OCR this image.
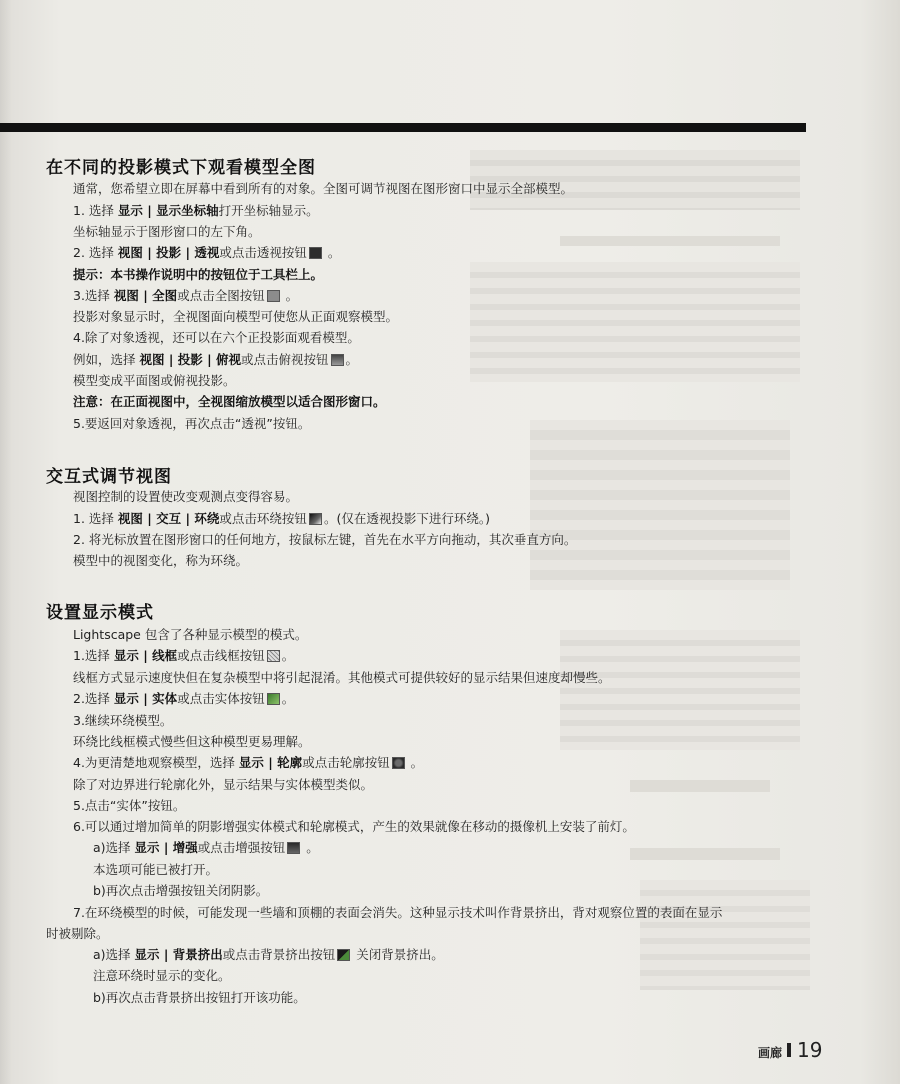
在不同的投影模式下观看模型全图
通常，您希望立即在屏幕中看到所有的对象。全图可调节视图在图形窗口中显示全部模型。
1. 选择 显示 | 显示坐标轴打开坐标轴显示。
坐标轴显示于图形窗口的左下角。
2. 选择 视图 | 投影 | 透视或点击透视按钮 。
提示：本书操作说明中的按钮位于工具栏上。
3.选择 视图 | 全图或点击全图按钮 。
投影对象显示时，全视图面向模型可使您从正面观察模型。
4.除了对象透视，还可以在六个正投影面观看模型。
例如，选择 视图 | 投影 | 俯视或点击俯视按钮 。
模型变成平面图或俯视投影。
注意：在正面视图中，全视图缩放模型以适合图形窗口。
5.要返回对象透视，再次点击“透视”按钮。
交互式调节视图
视图控制的设置使改变观测点变得容易。
1. 选择 视图 | 交互 | 环绕或点击环绕按钮 。(仅在透视投影下进行环绕。)
2. 将光标放置在图形窗口的任何地方，按鼠标左键，首先在水平方向拖动，其次垂直方向。
模型中的视图变化，称为环绕。
设置显示模式
Lightscape 包含了各种显示模型的模式。
1.选择 显示 | 线框或点击线框按钮 。
线框方式显示速度快但在复杂模型中将引起混淆。其他模式可提供较好的显示结果但速度却慢些。
2.选择 显示 | 实体或点击实体按钮 。
3.继续环绕模型。
环绕比线框模式慢些但这种模型更易理解。
4.为更清楚地观察模型，选择 显示 | 轮廓或点击轮廓按钮 。
除了对边界进行轮廓化外，显示结果与实体模型类似。
5.点击“实体”按钮。
6.可以通过增加简单的阴影增强实体模式和轮廓模式，产生的效果就像在移动的摄像机上安装了前灯。
a)选择 显示 | 增强或点击增强按钮 。
本选项可能已被打开。
b)再次点击增强按钮关闭阴影。
7.在环绕模型的时候，可能发现一些墙和顶棚的表面会消失。这种显示技术叫作背景挤出，背对观察位置的表面在显示
时被剔除。
a)选择 显示 | 背景挤出或点击背景挤出按钮 关闭背景挤出。
注意环绕时显示的变化。
b)再次点击背景挤出按钮打开该功能。
画廊 19
